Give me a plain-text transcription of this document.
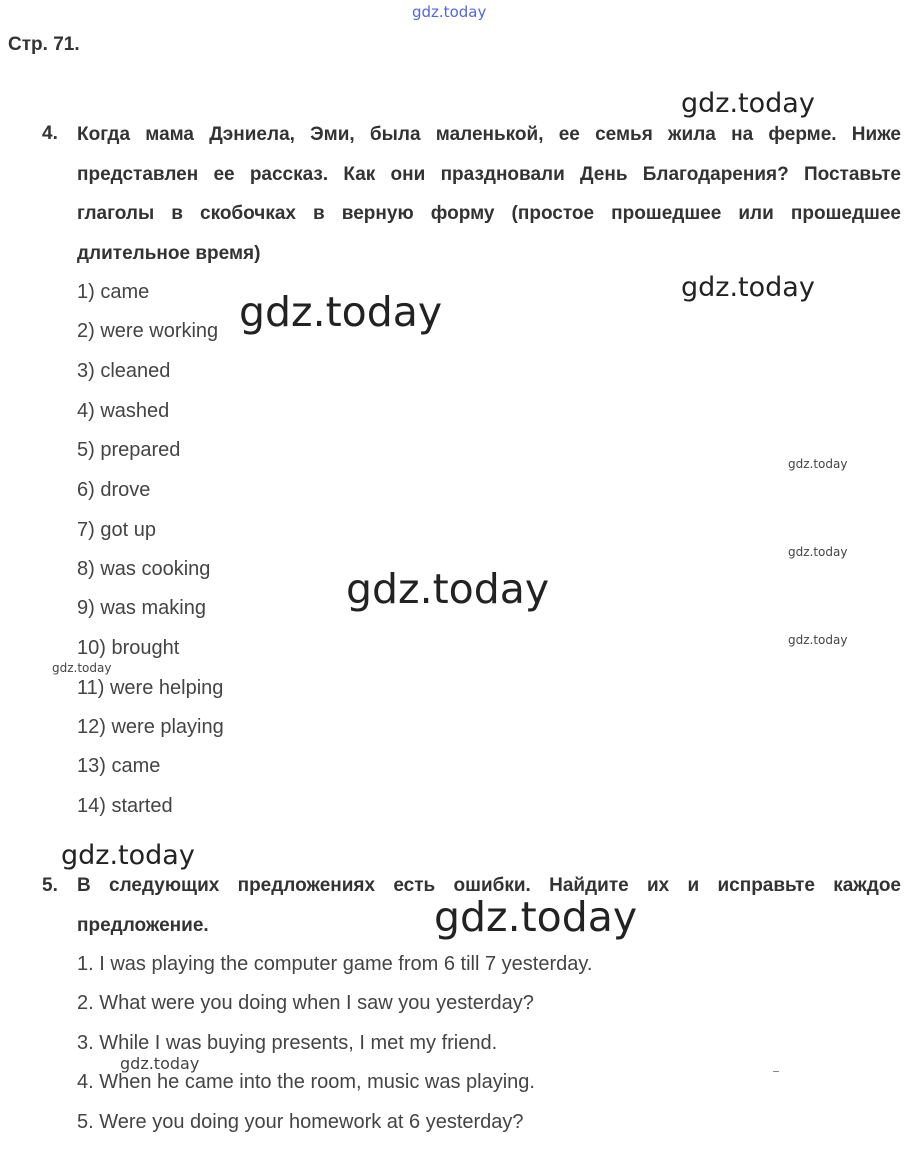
Стр. 71.
4. Когда мама Дэниела, Эми, была маленькой, ее семья жила на ферме. Ниже представлен ее рассказ. Как они праздновали День Благодарения? Поставьте глаголы в скобочках в верную форму (простое прошедшее или прошедшее длительное время)
1) came
2) were working
3) cleaned
4) washed
5) prepared
6) drove
7) got up
8) was cooking
9) was making
10) brought
11) were helping
12) were playing
13) came
14) started
5. В следующих предложениях есть ошибки. Найдите их и исправьте каждое предложение.
1. I was playing the computer game from 6 till 7 yesterday.
2. What were you doing when I saw you yesterday?
3. While I was buying presents, I met my friend.
4. When he came into the room, music was playing.
5. Were you doing your homework at 6 yesterday?
gdz.today
gdz.today
gdz.today
gdz.today
gdz.today
gdz.today
gdz.today
gdz.today
gdz.today
gdz.today
gdz.today
gdz.today
